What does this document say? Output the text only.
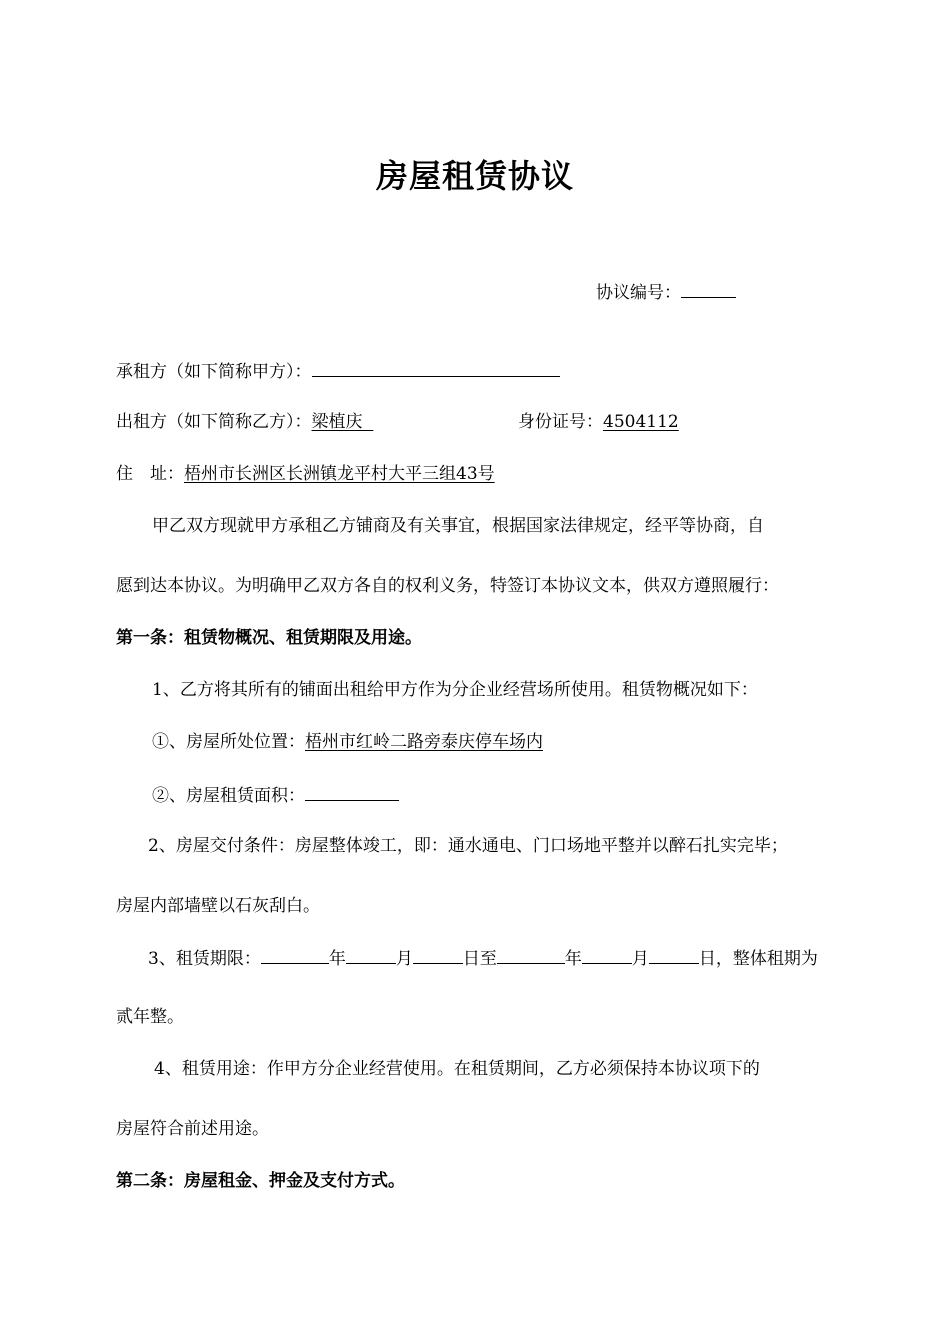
房屋租赁协议
协议编号：
承租方（如下简称甲方）：
出租方（如下简称乙方）：梁植庆	身份证号：4504112
住　址：梧州市长洲区长洲镇龙平村大平三组43号
甲乙双方现就甲方承租乙方铺商及有关事宜，根据国家法律规定，经平等协商，自
愿到达本协议。为明确甲乙双方各自的权利义务，特签订本协议文本，供双方遵照履行：
第一条：租赁物概况、租赁期限及用途。
1、乙方将其所有的铺面出租给甲方作为分企业经营场所使用。租赁物概况如下：
①、房屋所处位置：梧州市红岭二路旁泰庆停车场内
②、房屋租赁面积：
2、房屋交付条件：房屋整体竣工，即：通水通电、门口场地平整并以醉石扎实完毕；
房屋内部墙壁以石灰刮白。
3、租赁期限：	年	月	日至	年	月	日，整体租期为
贰年整。
4、租赁用途：作甲方分企业经营使用。在租赁期间，乙方必须保持本协议项下的
房屋符合前述用途。
第二条：房屋租金、押金及支付方式。
